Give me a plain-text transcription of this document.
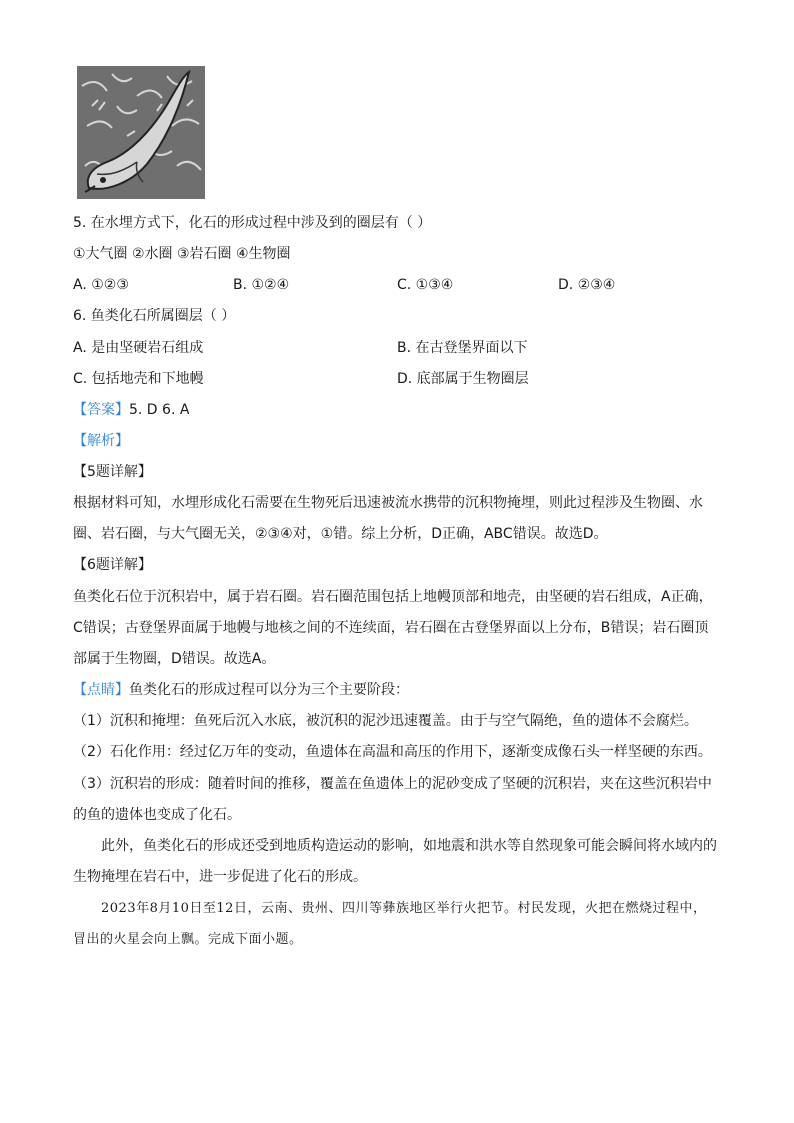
5. 在水埋方式下，化石的形成过程中涉及到的圈层有（ ）
①大气圈 ②水圈 ③岩石圈 ④生物圈
A. ①②③	B. ①②④	C. ①③④	D. ②③④
6. 鱼类化石所属圈层（ ）
A. 是由坚硬岩石组成	B. 在古登堡界面以下
C. 包括地壳和下地幔	D. 底部属于生物圈层
【答案】5. D 6. A
【解析】
【5题详解】
根据材料可知，水埋形成化石需要在生物死后迅速被流水携带的沉积物掩埋，则此过程涉及生物圈、水
圈、岩石圈，与大气圈无关，②③④对，①错。综上分析，D正确，ABC错误。故选D。
【6题详解】
鱼类化石位于沉积岩中，属于岩石圈。岩石圈范围包括上地幔顶部和地壳，由坚硬的岩石组成，A正确，
C错误；古登堡界面属于地幔与地核之间的不连续面，岩石圈在古登堡界面以上分布，B错误；岩石圈顶
部属于生物圈，D错误。故选A。
【点睛】鱼类化石的形成过程可以分为三个主要阶段：
（1）沉积和掩埋：鱼死后沉入水底，被沉积的泥沙迅速覆盖。由于与空气隔绝，鱼的遗体不会腐烂。
（2）石化作用：经过亿万年的变动，鱼遗体在高温和高压的作用下，逐渐变成像石头一样坚硬的东西。
（3）沉积岩的形成：随着时间的推移，覆盖在鱼遗体上的泥砂变成了坚硬的沉积岩，夹在这些沉积岩中
的鱼的遗体也变成了化石。
此外，鱼类化石的形成还受到地质构造运动的影响，如地震和洪水等自然现象可能会瞬间将水域内的
生物掩埋在岩石中，进一步促进了化石的形成。
2023年8月10日至12日，云南、贵州、四川等彝族地区举行火把节。村民发现，火把在燃烧过程中，
冒出的火星会向上飘。完成下面小题。
